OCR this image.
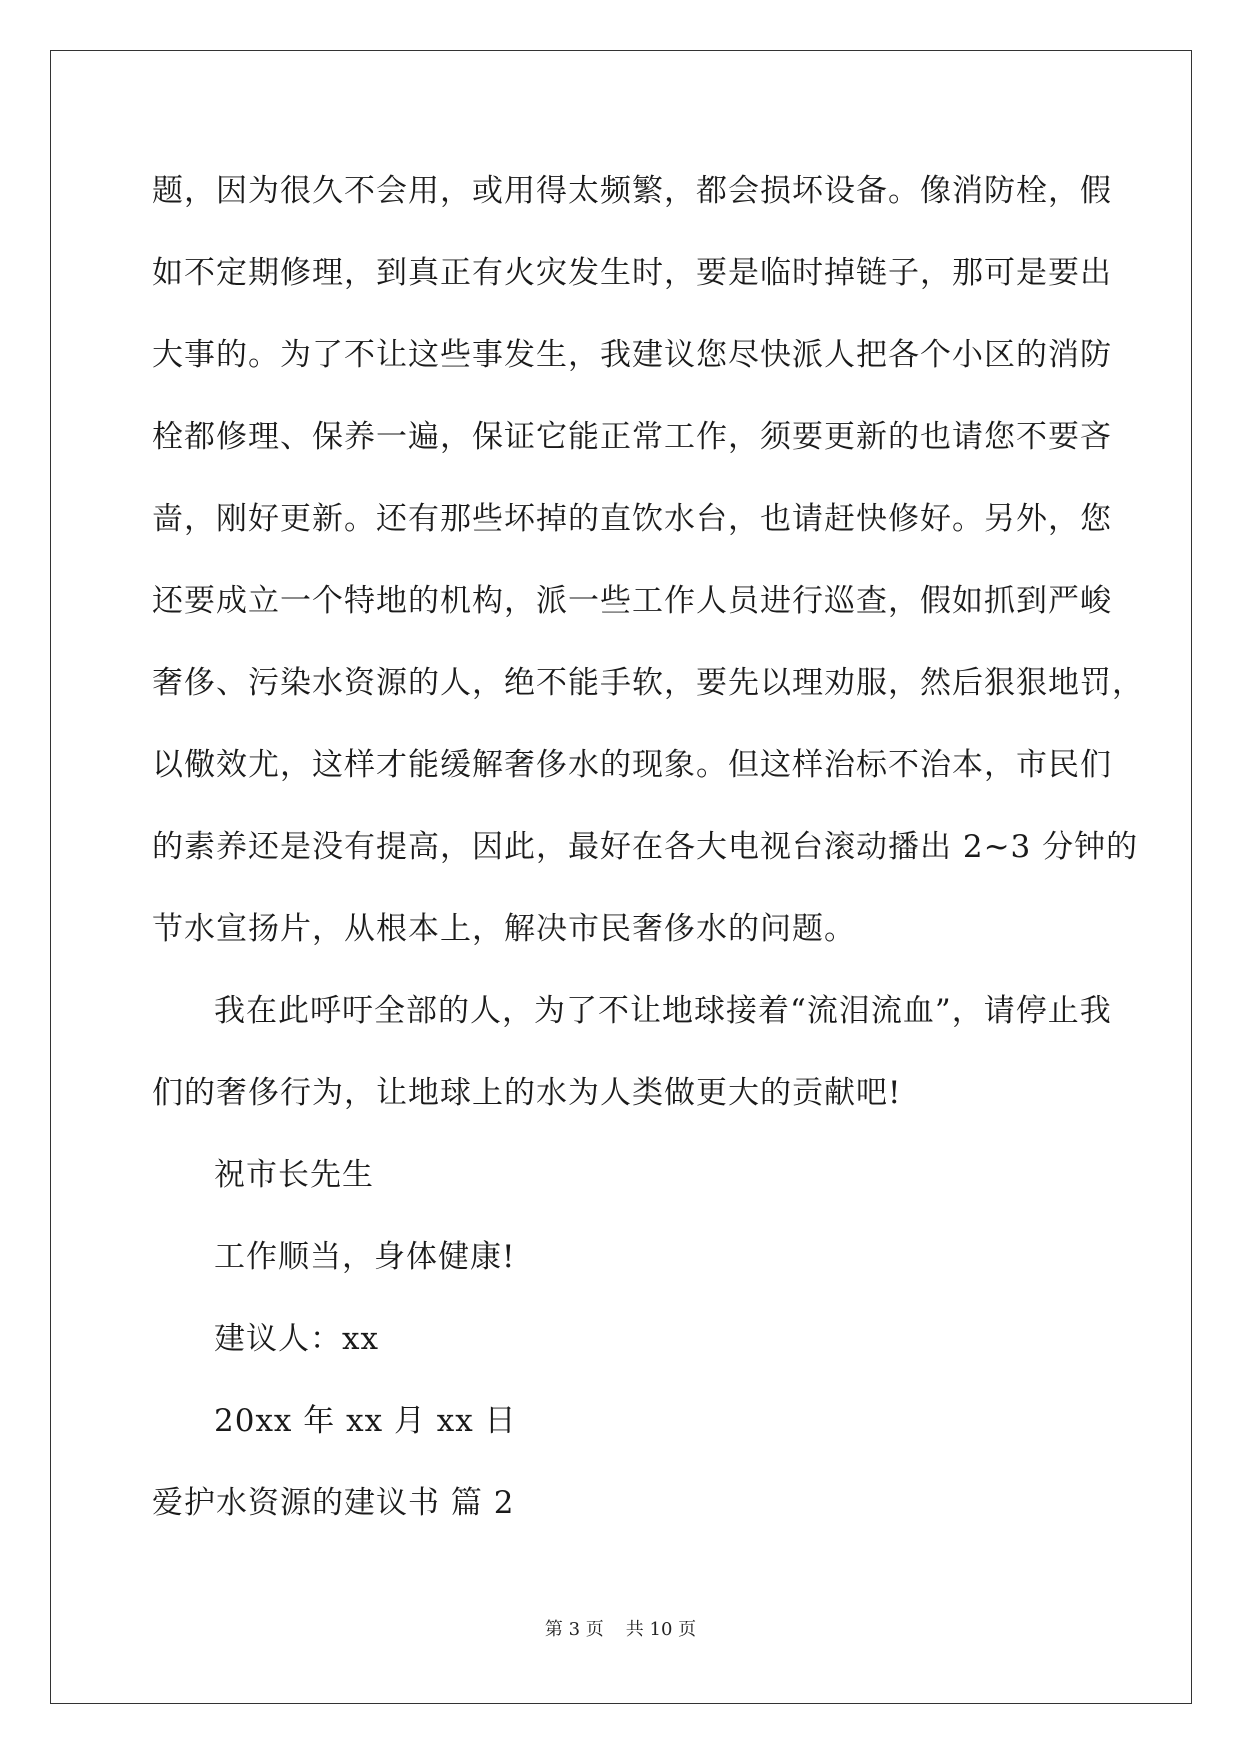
题，因为很久不会用，或用得太频繁，都会损坏设备。像消防栓，假
如不定期修理，到真正有火灾发生时，要是临时掉链子，那可是要出
大事的。为了不让这些事发生，我建议您尽快派人把各个小区的消防
栓都修理、保养一遍，保证它能正常工作，须要更新的也请您不要吝
啬，刚好更新。还有那些坏掉的直饮水台，也请赶快修好。另外，您
还要成立一个特地的机构，派一些工作人员进行巡查，假如抓到严峻
奢侈、污染水资源的人，绝不能手软，要先以理劝服，然后狠狠地罚，
以儆效尤，这样才能缓解奢侈水的现象。但这样治标不治本，市民们
的素养还是没有提高，因此，最好在各大电视台滚动播出 2~3 分钟的
节水宣扬片，从根本上，解决市民奢侈水的问题。
我在此呼吁全部的人，为了不让地球接着“流泪流血”，请停止我
们的奢侈行为，让地球上的水为人类做更大的贡献吧!
祝市长先生
工作顺当，身体健康!
建议人：xx
20xx 年 xx 月 xx 日
爱护水资源的建议书 篇 2
第 3 页 共 10 页
